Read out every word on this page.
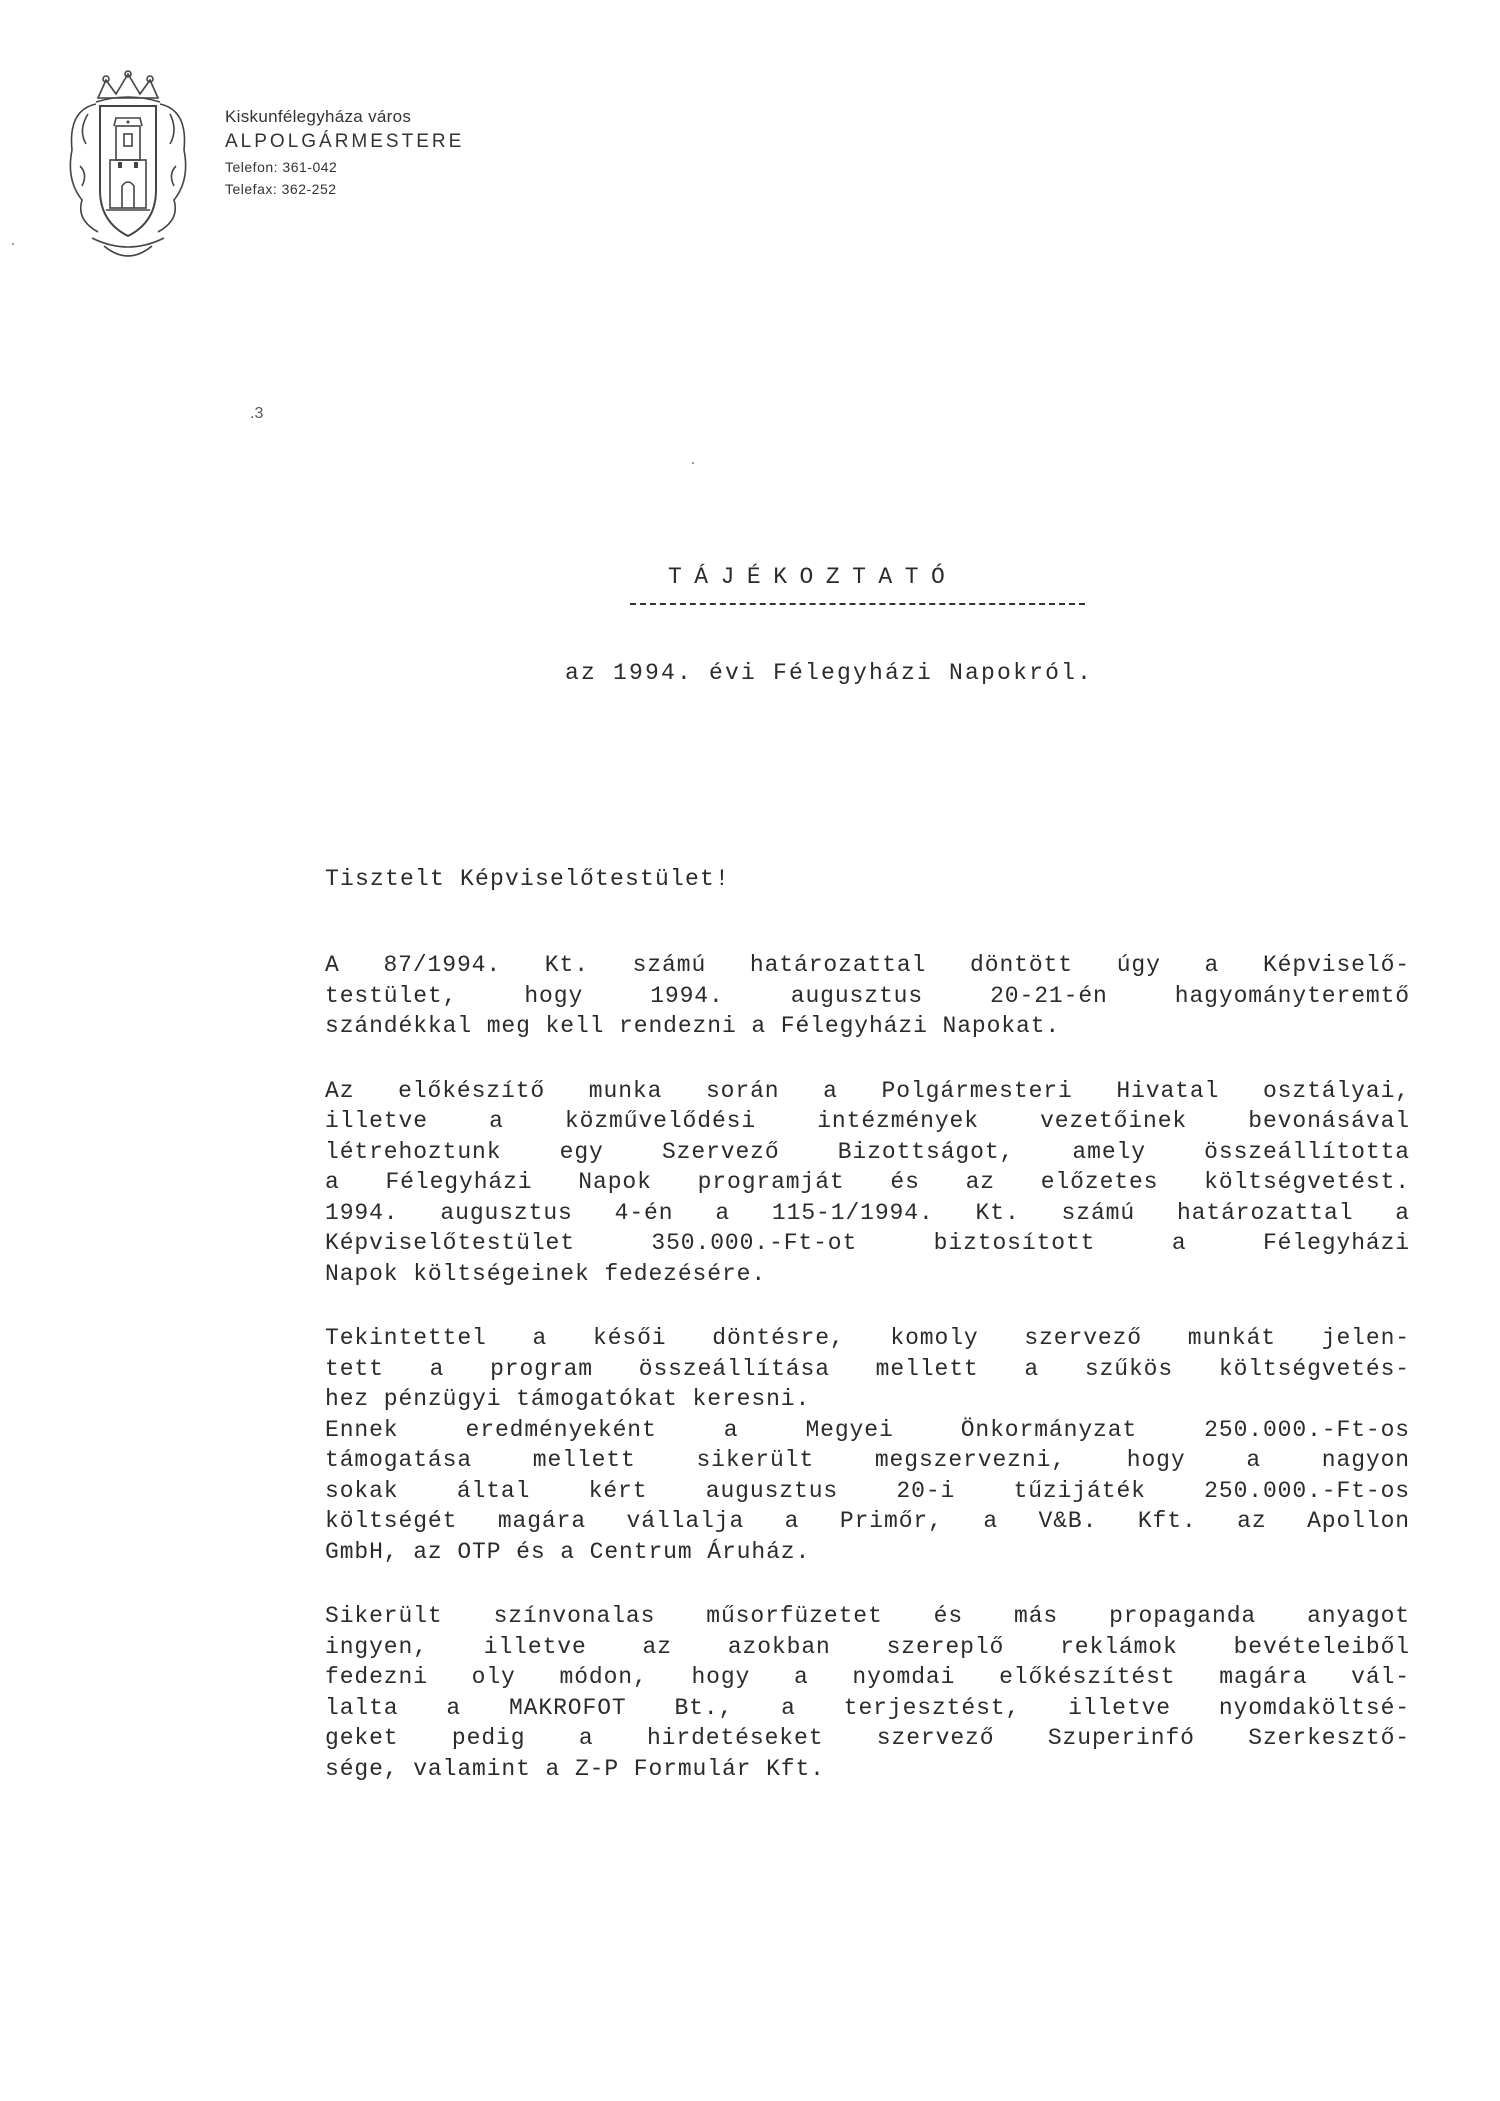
Kiskunfélegyháza város
ALPOLGÁRMESTERE
Telefon: 361-042
Telefax: 362-252
.3
TÁJÉKOZTATÓ
az 1994. évi Félegyházi Napokról.
Tisztelt Képviselőtestület!
A 87/1994. Kt. számú határozattal döntött úgy a Képviselő-
testület, hogy 1994. augusztus 20-21-én hagyományteremtő
szándékkal meg kell rendezni a Félegyházi Napokat.
Az előkészítő munka során a Polgármesteri Hivatal osztályai,
illetve a közművelődési intézmények vezetőinek bevonásával
létrehoztunk egy Szervező Bizottságot, amely összeállította
a Félegyházi Napok programját és az előzetes költségvetést.
1994. augusztus 4-én a 115-1/1994. Kt. számú határozattal a
Képviselőtestület 350.000.-Ft-ot biztosított a Félegyházi
Napok költségeinek fedezésére.
Tekintettel a késői döntésre, komoly szervező munkát jelen-
tett a program összeállítása mellett a szűkös költségvetés-
hez pénzügyi támogatókat keresni.
Ennek eredményeként a Megyei Önkormányzat 250.000.-Ft-os
támogatása mellett sikerült megszervezni, hogy a nagyon
sokak által kért augusztus 20-i tűzijáték 250.000.-Ft-os
költségét magára vállalja a Primőr, a V&B. Kft. az Apollon
GmbH, az OTP és a Centrum Áruház.
Sikerült színvonalas műsorfüzetet és más propaganda anyagot
ingyen, illetve az azokban szereplő reklámok bevételeiből
fedezni oly módon, hogy a nyomdai előkészítést magára vál-
lalta a MAKROFOT Bt., a terjesztést, illetve nyomdaköltsé-
geket pedig a hirdetéseket szervező Szuperinfó Szerkesztő-
sége, valamint a Z-P Formulár Kft.
